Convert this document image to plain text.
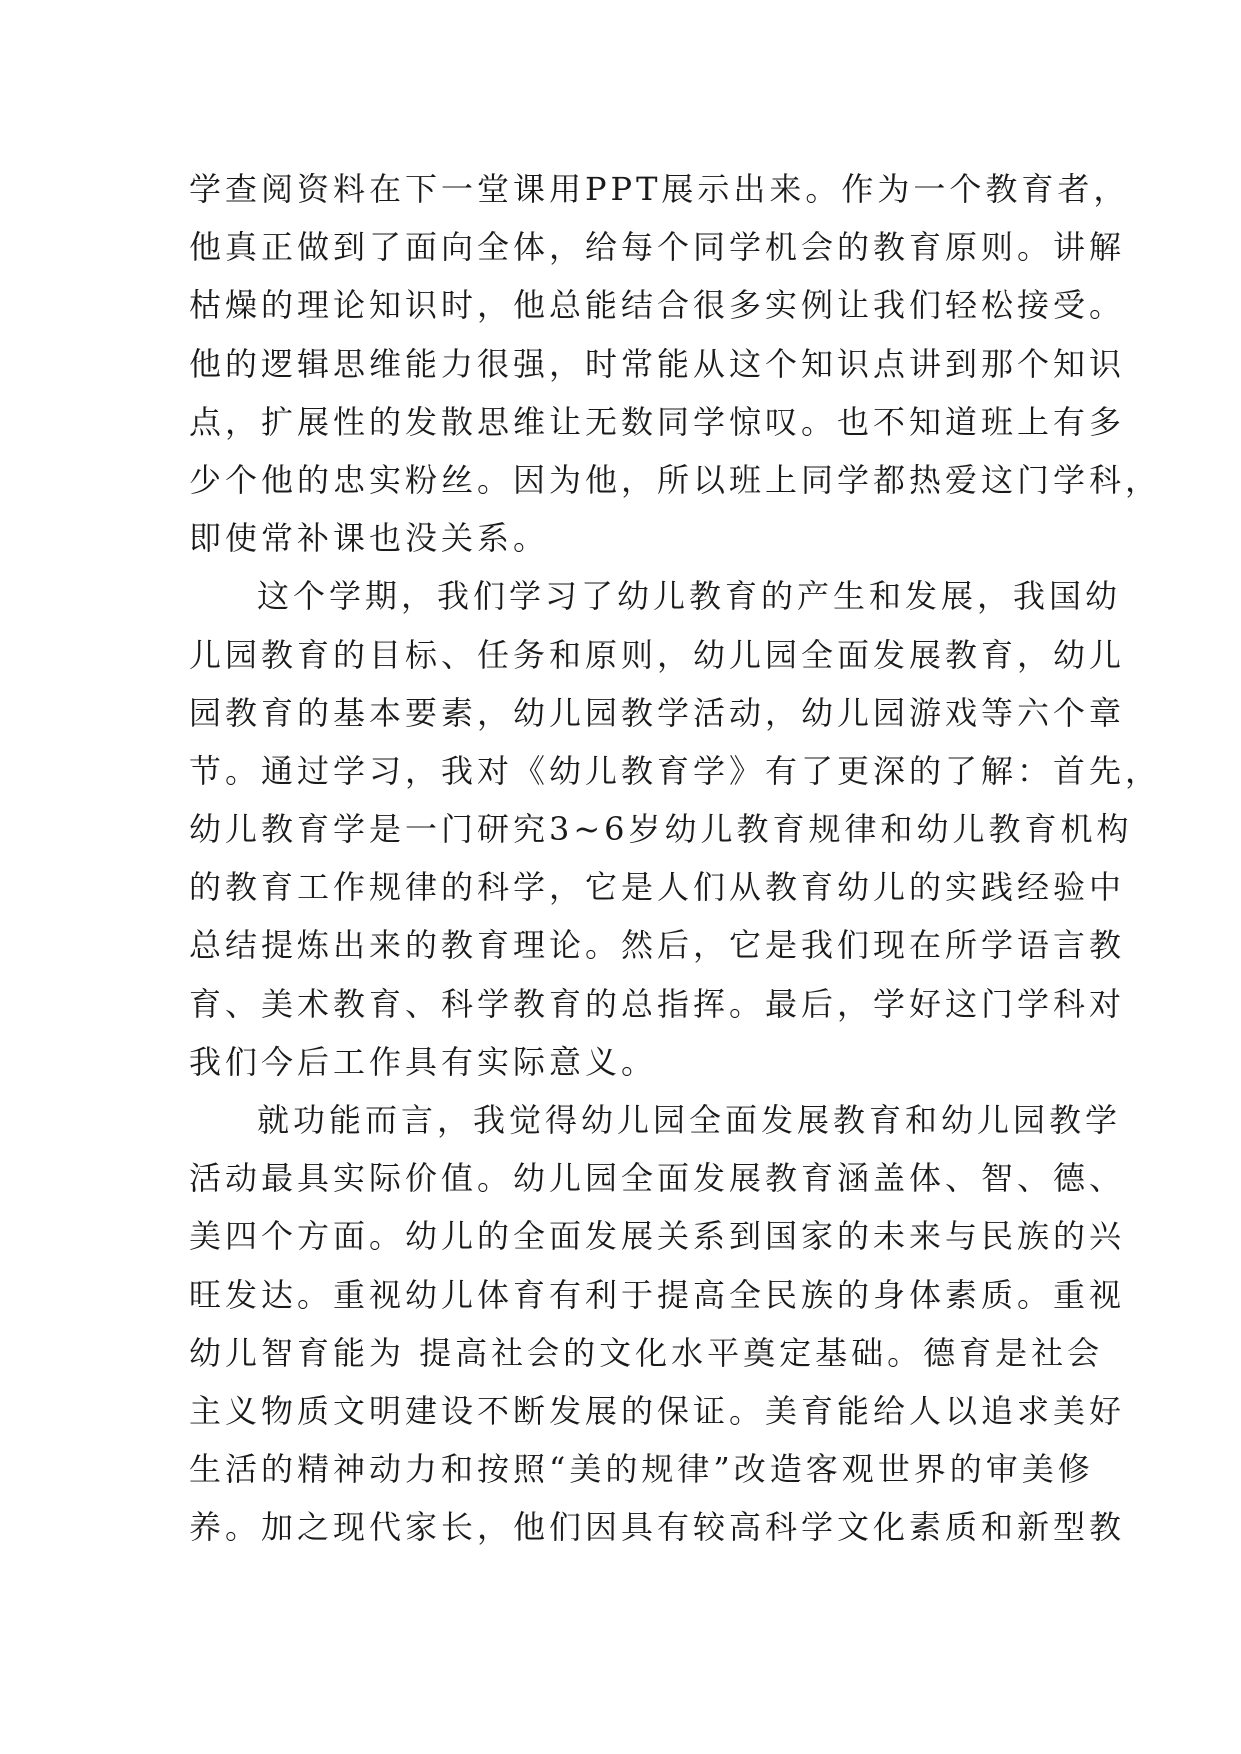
学查阅资料在下一堂课用PPT展示出来。作为一个教育者，
他真正做到了面向全体，给每个同学机会的教育原则。讲解
枯燥的理论知识时，他总能结合很多实例让我们轻松接受。
他的逻辑思维能力很强，时常能从这个知识点讲到那个知识
点，扩展性的发散思维让无数同学惊叹。也不知道班上有多
少个他的忠实粉丝。因为他，所以班上同学都热爱这门学科，
即使常补课也没关系。
这个学期，我们学习了幼儿教育的产生和发展，我国幼
儿园教育的目标、任务和原则，幼儿园全面发展教育，幼儿
园教育的基本要素，幼儿园教学活动，幼儿园游戏等六个章
节。通过学习，我对《幼儿教育学》有了更深的了解：首先，
幼儿教育学是一门研究3~6岁幼儿教育规律和幼儿教育机构
的教育工作规律的科学，它是人们从教育幼儿的实践经验中
总结提炼出来的教育理论。然后，它是我们现在所学语言教
育、美术教育、科学教育的总指挥。最后，学好这门学科对
我们今后工作具有实际意义。
就功能而言，我觉得幼儿园全面发展教育和幼儿园教学
活动最具实际价值。幼儿园全面发展教育涵盖体、智、德、
美四个方面。幼儿的全面发展关系到国家的未来与民族的兴
旺发达。重视幼儿体育有利于提高全民族的身体素质。重视
幼儿智育能为 提高社会的文化水平奠定基础。德育是社会
主义物质文明建设不断发展的保证。美育能给人以追求美好
生活的精神动力和按照“美的规律”改造客观世界的审美修
养。加之现代家长，他们因具有较高科学文化素质和新型教
